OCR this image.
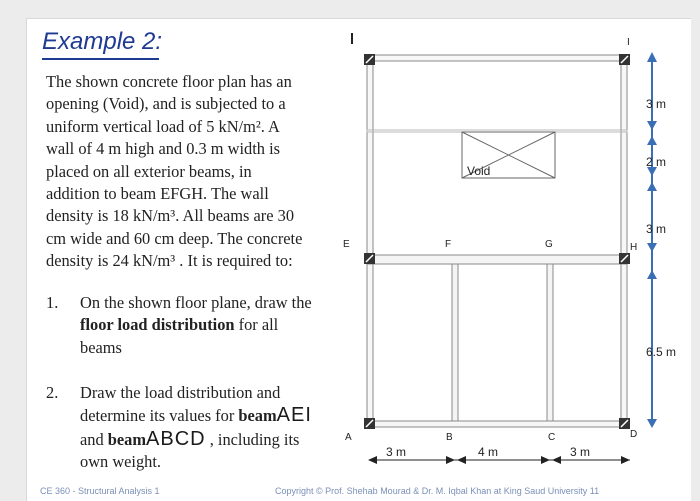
Example 2:
The shown concrete floor plan has an
opening (Void), and is subjected to a
uniform vertical load of 5 kN/m². A
wall of 4 m high and 0.3 m width is
placed on all exterior beams, in
addition to beam EFGH. The wall
density is 18 kN/m³. All beams are 30
cm wide and 60 cm deep. The concrete
density is 24 kN/m³ . It is required to:
1.	On the shown floor plane, draw the
floor load distribution for all
beams
2.	Draw the load distribution and
determine its values for beamAEI
and beamABCD , including its
own weight.
CE 360 - Structural Analysis 1	Copyright © Prof. Shehab Mourad & Dr. M. Iqbal Khan at King Saud University 11
Void
E	F	G	H
A	B	C	D
I
3 m
2 m
3 m
6.5 m
3 m	4 m	3 m
